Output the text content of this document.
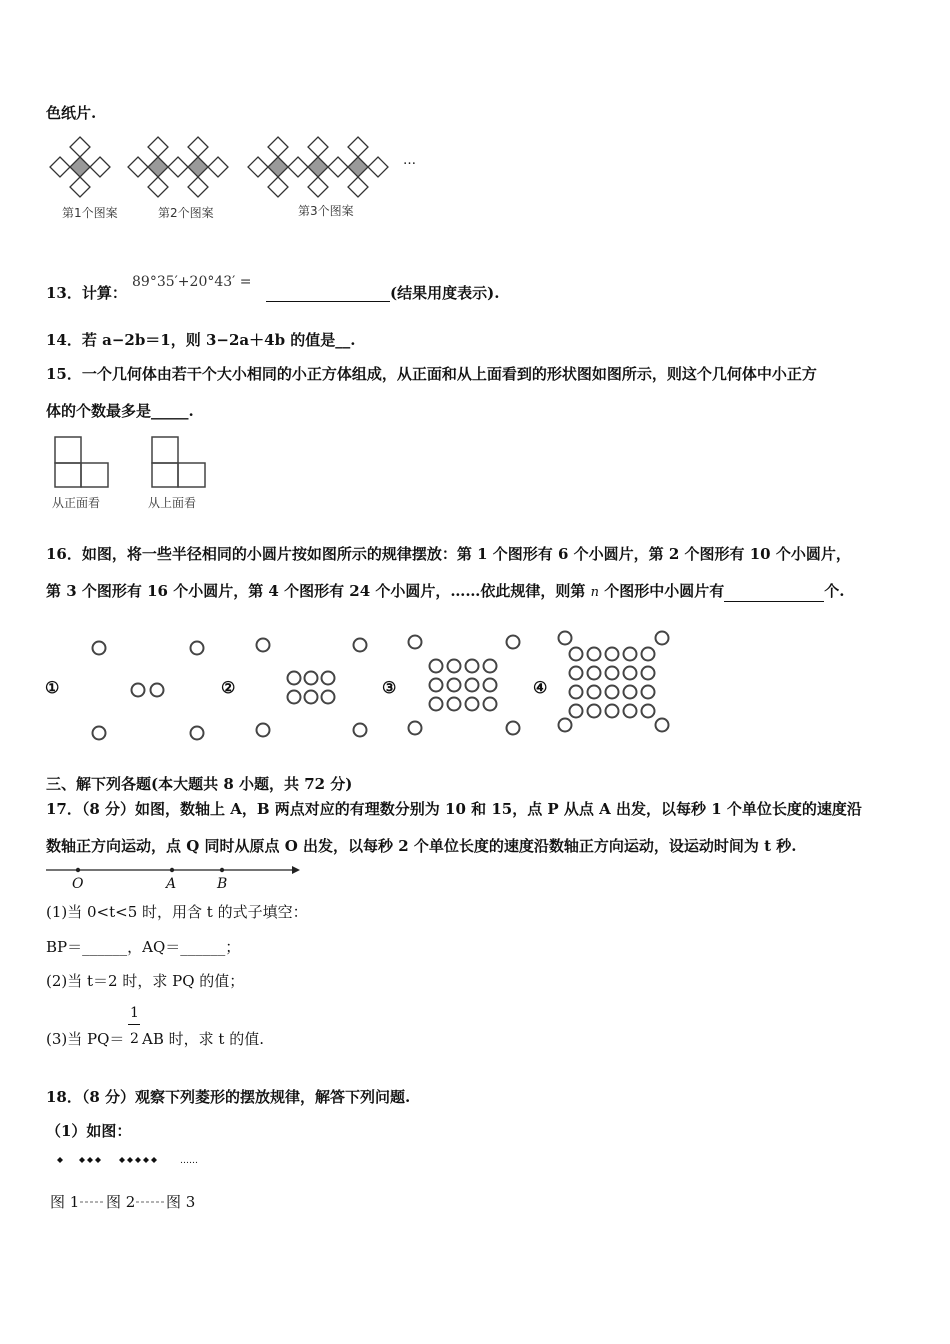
色纸片.
第1个图案	第2个图案	第3个图案
…
13．计算：
89°35′+20°43′ =
(结果用度表示).
14．若 a−2b＝1，则 3−2a＋4b 的值是__.
15．一个几何体由若干个大小相同的小正方体组成，从正面和从上面看到的形状图如图所示，则这个几何体中小正方
体的个数最多是_____.
从正面看	从上面看
16．如图，将一些半径相同的小圆片按如图所示的规律摆放：第 1 个图形有 6 个小圆片，第 2 个图形有 10 个小圆片，
第 3 个图形有 16 个小圆片，第 4 个图形有 24 个小圆片，……依此规律，则第 n 个图形中小圆片有	个.
①	②	③	④
三、解下列各题(本大题共 8 小题，共 72 分)
17．（8 分）如图，数轴上 A，B 两点对应的有理数分别为 10 和 15，点 P 从点 A 出发，以每秒 1 个单位长度的速度沿
数轴正方向运动，点 Q 同时从原点 O 出发，以每秒 2 个单位长度的速度沿数轴正方向运动，设运动时间为 t 秒.
O	A	B
(1)当 0<t<5 时，用含 t 的式子填空：
BP＝______，AQ＝______；
(2)当 t＝2 时，求 PQ 的值；
(3)当 PQ＝
1
2 AB 时，求 t 的值.
18．（8 分）观察下列菱形的摆放规律，解答下列问题.
（1）如图：
……
图 1 图 2 图 3
